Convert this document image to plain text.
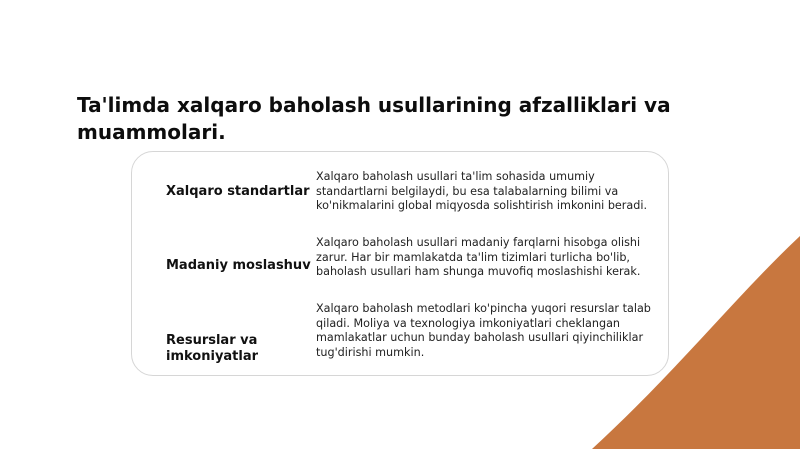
Ta'limda xalqaro baholash usullarining afzalliklari va muammolari.
Xalqaro standartlar
Xalqaro baholash usullari ta'lim sohasida umumiy standartlarni belgilaydi, bu esa talabalarning bilimi va ko'nikmalarini global miqyosda solishtirish imkonini beradi.
Madaniy moslashuv
Xalqaro baholash usullari madaniy farqlarni hisobga olishi zarur. Har bir mamlakatda ta'lim tizimlari turlicha bo'lib, baholash usullari ham shunga muvofiq moslashishi kerak.
Resurslar va imkoniyatlar
Xalqaro baholash metodlari ko'pincha yuqori resurslar talab qiladi. Moliya va texnologiya imkoniyatlari cheklangan mamlakatlar uchun bunday baholash usullari qiyinchiliklar tug'dirishi mumkin.
